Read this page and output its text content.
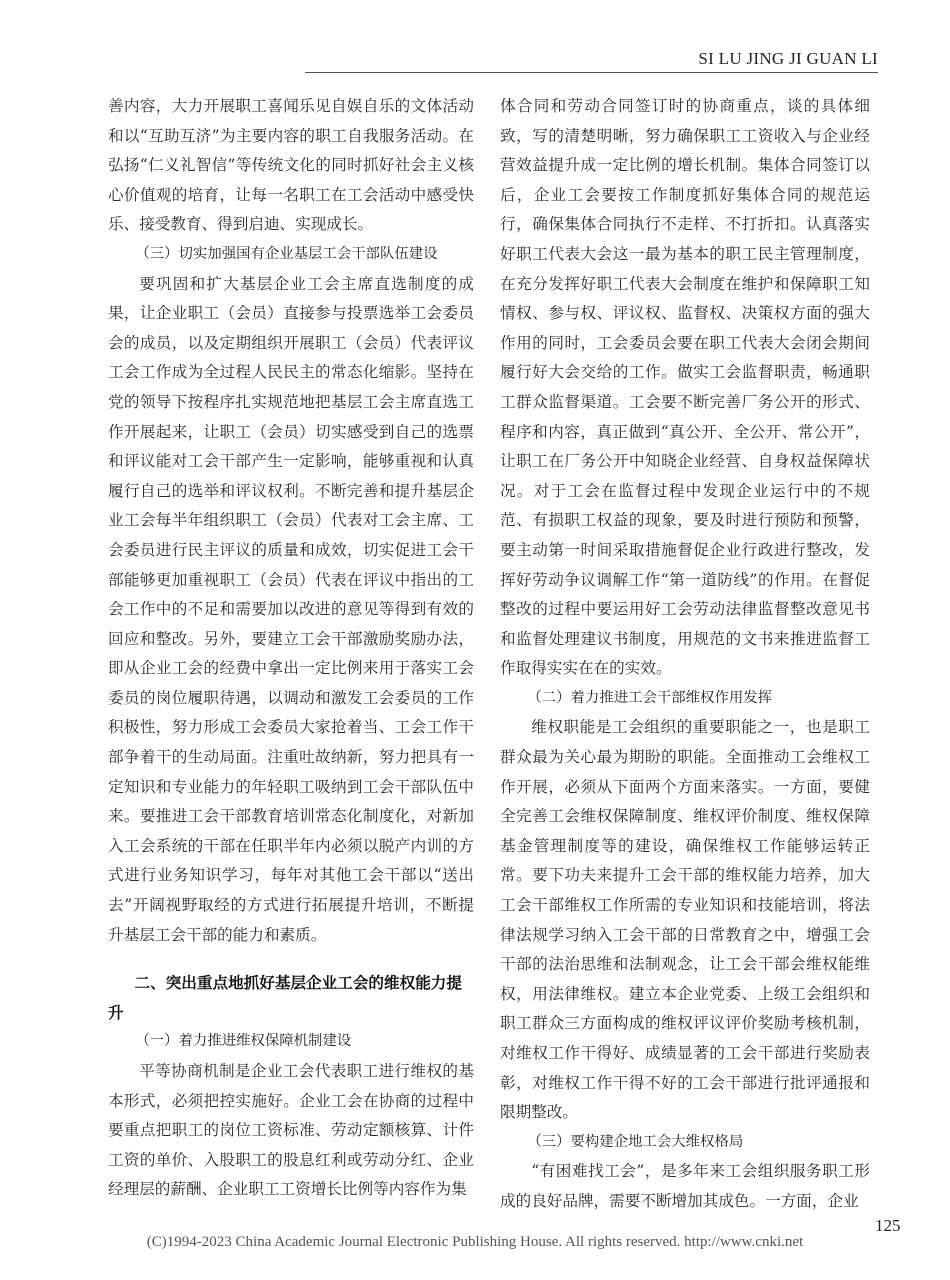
SI LU JING JI GUAN LI

善内容，大力开展职工喜闻乐见自娱自乐的文体活动和以“互助互济”为主要内容的职工自我服务活动。在弘扬“仁义礼智信”等传统文化的同时抓好社会主义核心价值观的培育，让每一名职工在工会活动中感受快乐、接受教育、得到启迪、实现成长。

（三）切实加强国有企业基层工会干部队伍建设

要巩固和扩大基层企业工会主席直选制度的成果，让企业职工（会员）直接参与投票选举工会委员会的成员，以及定期组织开展职工（会员）代表评议工会工作成为全过程人民民主的常态化缩影。坚持在党的领导下按程序扎实规范地把基层工会主席直选工作开展起来，让职工（会员）切实感受到自己的选票和评议能对工会干部产生一定影响，能够重视和认真履行自己的选举和评议权利。不断完善和提升基层企业工会每半年组织职工（会员）代表对工会主席、工会委员进行民主评议的质量和成效，切实促进工会干部能够更加重视职工（会员）代表在评议中指出的工会工作中的不足和需要加以改进的意见等得到有效的回应和整改。另外，要建立工会干部激励奖励办法，即从企业工会的经费中拿出一定比例来用于落实工会委员的岗位履职待遇，以调动和激发工会委员的工作积极性，努力形成工会委员大家抢着当、工会工作干部争着干的生动局面。注重吐故纳新，努力把具有一定知识和专业能力的年轻职工吸纳到工会干部队伍中来。要推进工会干部教育培训常态化制度化，对新加入工会系统的干部在任职半年内必须以脱产内训的方式进行业务知识学习，每年对其他工会干部以“送出去”开阔视野取经的方式进行拓展提升培训，不断提升基层工会干部的能力和素质。

二、突出重点地抓好基层企业工会的维权能力提升
（一）着力推进维权保障机制建设

平等协商机制是企业工会代表职工进行维权的基本形式，必须把控实施好。企业工会在协商的过程中要重点把职工的岗位工资标准、劳动定额核算、计件工资的单价、入股职工的股息红利或劳动分红、企业经理层的薪酬、企业职工工资增长比例等内容作为集

体合同和劳动合同签订时的协商重点，谈的具体细致，写的清楚明晰，努力确保职工工资收入与企业经营效益提升成一定比例的增长机制。集体合同签订以后，企业工会要按工作制度抓好集体合同的规范运行，确保集体合同执行不走样、不打折扣。认真落实好职工代表大会这一最为基本的职工民主管理制度，在充分发挥好职工代表大会制度在维护和保障职工知情权、参与权、评议权、监督权、决策权方面的强大作用的同时，工会委员会要在职工代表大会闭会期间履行好大会交给的工作。做实工会监督职责，畅通职工群众监督渠道。工会要不断完善厂务公开的形式、程序和内容，真正做到“真公开、全公开、常公开”，让职工在厂务公开中知晓企业经营、自身权益保障状况。对于工会在监督过程中发现企业运行中的不规范、有损职工权益的现象，要及时进行预防和预警，要主动第一时间采取措施督促企业行政进行整改，发挥好劳动争议调解工作“第一道防线”的作用。在督促整改的过程中要运用好工会劳动法律监督整改意见书和监督处理建议书制度，用规范的文书来推进监督工作取得实实在在的实效。

（二）着力推进工会干部维权作用发挥

维权职能是工会组织的重要职能之一，也是职工群众最为关心最为期盼的职能。全面推动工会维权工作开展，必须从下面两个方面来落实。一方面，要健全完善工会维权保障制度、维权评价制度、维权保障基金管理制度等的建设，确保维权工作能够运转正常。要下功夫来提升工会干部的维权能力培养，加大工会干部维权工作所需的专业知识和技能培训，将法律法规学习纳入工会干部的日常教育之中，增强工会干部的法治思维和法制观念，让工会干部会维权能维权，用法律维权。建立本企业党委、上级工会组织和职工群众三方面构成的维权评议评价奖励考核机制，对维权工作干得好、成绩显著的工会干部进行奖励表彰，对维权工作干得不好的工会干部进行批评通报和限期整改。

（三）要构建企地工会大维权格局

“有困难找工会”，是多年来工会组织服务职工形成的良好品牌，需要不断增加其成色。一方面，企业

125
(C)1994-2023 China Academic Journal Electronic Publishing House. All rights reserved. http://www.cnki.net
